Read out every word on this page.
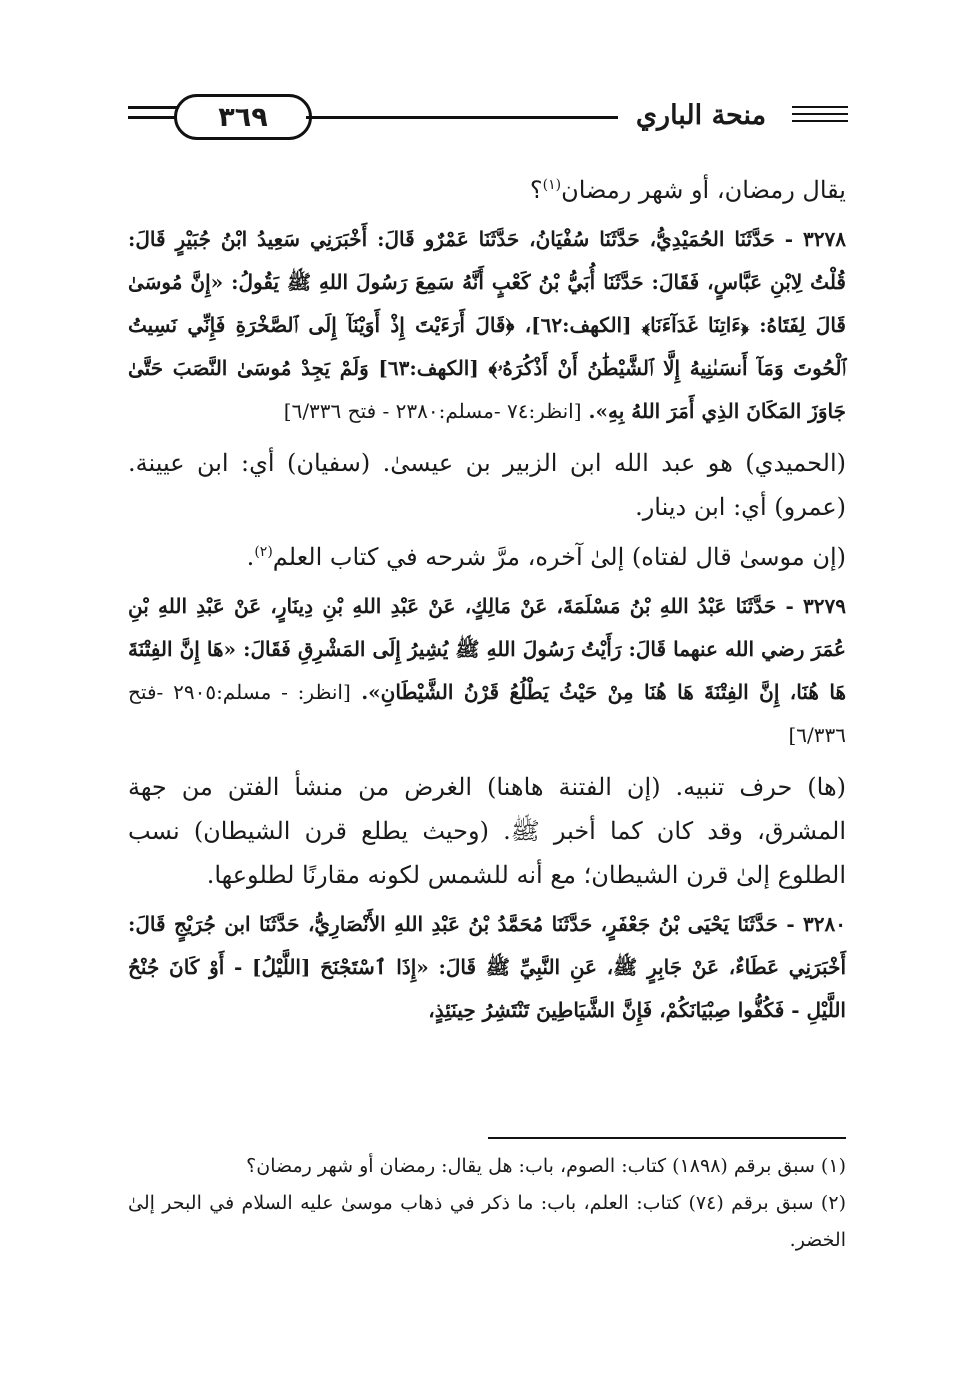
٣٦٩	منحة الباري

يقال رمضان، أو شهر رمضان$^{(١)}$؟

٣٢٧٨ - حَدَّثَنَا الحُمَيْدِيُّ، حَدَّثَنَا سُفْيَانُ، حَدَّثَنَا عَمْرٌو قَالَ: أَخْبَرَنِي سَعِيدُ ابْنُ جُبَيْرٍ قَالَ: قُلْتُ لِابْنِ عَبَّاسٍ، فَقَالَ: حَدَّثَنَا أُبَيُّ بْنُ كَعْبٍ أَنَّهُ سَمِعَ رَسُولَ اللهِ ﷺ يَقُولُ: «إِنَّ مُوسَىٰ قَالَ لِفَتَاهُ: ﴿ءَاتِنَا غَدَآءَنَا﴾ [الكهف:٦٢]، ﴿قَالَ أَرَءَيْتَ إِذْ أَوَيْنَآ إِلَى ٱلصَّخْرَةِ فَإِنِّي نَسِيتُ ٱلْحُوتَ وَمَآ أَنسَىٰنِيهُ إِلَّا ٱلشَّيْطَٰنُ أَنْ أَذْكُرَهُۥ﴾ [الكهف:٦٣] وَلَمْ يَجِدْ مُوسَىٰ النَّصَبَ حَتَّىٰ جَاوَزَ المَكَانَ الذِي أَمَرَ اللهُ بِهِ». [انظر:٧٤ -مسلم:٢٣٨٠ - فتح ٦/٣٣٦]

(الحميدي) هو عبد الله ابن الزبير بن عيسىٰ. (سفيان) أي: ابن عيينة. (عمرو) أي: ابن دينار.

(إن موسىٰ قال لفتاه) إلىٰ آخره، مرَّ شرحه في كتاب العلم$^{(٢)}$.

٣٢٧٩ - حَدَّثَنَا عَبْدُ اللهِ بْنُ مَسْلَمَةَ، عَنْ مَالِكٍ، عَنْ عَبْدِ اللهِ بْنِ دِينَارٍ، عَنْ عَبْدِ اللهِ بْنِ عُمَرَ رضي الله عنهما قَالَ: رَأَيْتُ رَسُولَ اللهِ ﷺ يُشِيرُ إِلَى المَشْرِقِ فَقَالَ: «هَا إِنَّ الفِتْنَةَ هَا هُنَا، إِنَّ الفِتْنَةَ هَا هُنَا مِنْ حَيْثُ يَطْلُعُ قَرْنُ الشَّيْطَانِ». [انظر: - مسلم:٢٩٠٥ -فتح ٦/٣٣٦]

(ها) حرف تنبيه. (إن الفتنة هاهنا) الغرض من منشأ الفتن من جهة المشرق، وقد كان كما أخبر ﷺ. (وحيث يطلع قرن الشيطان) نسب الطلوع إلىٰ قرن الشيطان؛ مع أنه للشمس لكونه مقارنًا لطلوعها.

٣٢٨٠ - حَدَّثَنَا يَحْيَى بْنُ جَعْفَرٍ، حَدَّثَنَا مُحَمَّدُ بْنُ عَبْدِ اللهِ الأَنْصَارِيُّ، حَدَّثَنَا ابن جُرَيْجٍ قَالَ: أَخْبَرَنِي عَطَاءٌ، عَنْ جَابِرٍ ﷺ، عَنِ النَّبِيِّ ﷺ قَالَ: «إِذَا ٱسْتَجْنَحَ [اللَّيْلُ] - أَوْ كَانَ جُنْحُ اللَّيْلِ - فَكُفُّوا صِبْيَانَكُمْ، فَإِنَّ الشَّيَاطِينَ تَنْتَشِرُ حِينَئِذٍ،

(١) سبق برقم (١٨٩٨) كتاب: الصوم، باب: هل يقال: رمضان أو شهر رمضان؟

(٢) سبق برقم (٧٤) كتاب: العلم، باب: ما ذكر في ذهاب موسىٰ عليه السلام في البحر إلىٰ الخضر.
